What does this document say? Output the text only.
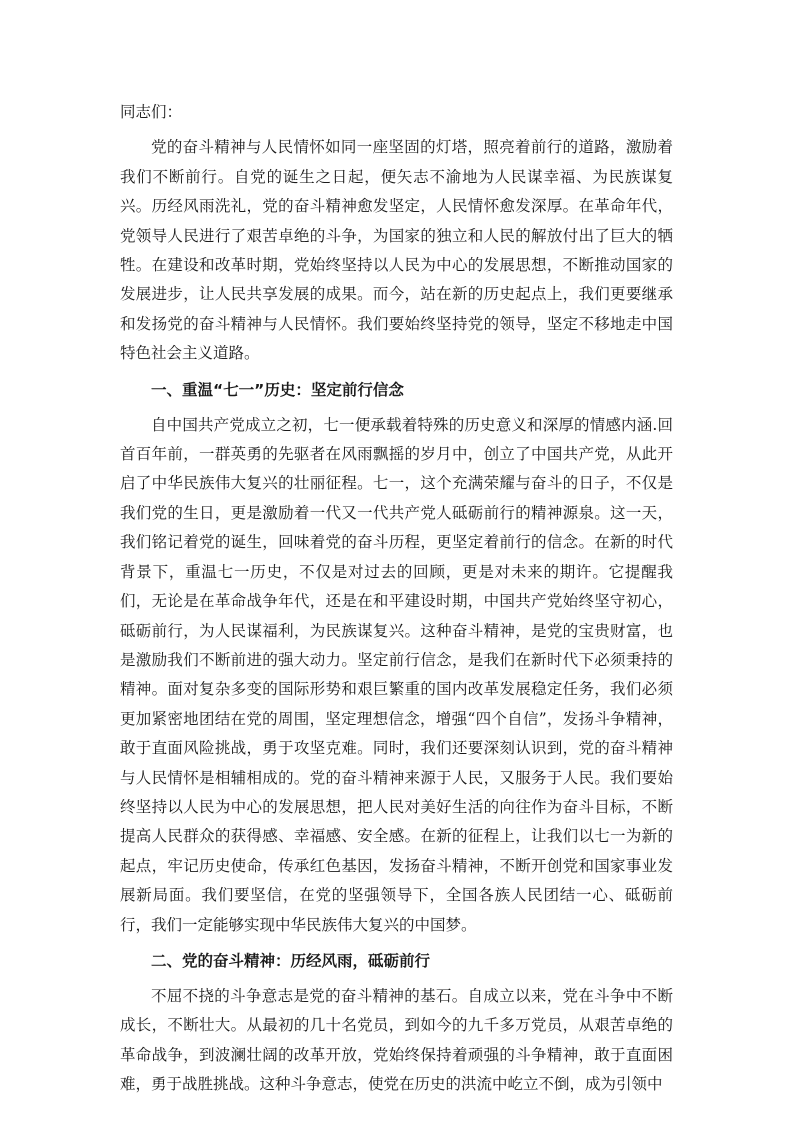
同志们：

党的奋斗精神与人民情怀如同一座坚固的灯塔，照亮着前行的道路，激励着我们不断前行。自党的诞生之日起，便矢志不渝地为人民谋幸福、为民族谋复兴。历经风雨洗礼，党的奋斗精神愈发坚定，人民情怀愈发深厚。在革命年代，党领导人民进行了艰苦卓绝的斗争，为国家的独立和人民的解放付出了巨大的牺牲。在建设和改革时期，党始终坚持以人民为中心的发展思想，不断推动国家的发展进步，让人民共享发展的成果。而今，站在新的历史起点上，我们更要继承和发扬党的奋斗精神与人民情怀。我们要始终坚持党的领导，坚定不移地走中国特色社会主义道路。

一、重温“七一”历史：坚定前行信念

自中国共产党成立之初，七一便承载着特殊的历史意义和深厚的情感内涵.回首百年前，一群英勇的先驱者在风雨飘摇的岁月中，创立了中国共产党，从此开启了中华民族伟大复兴的壮丽征程。七一，这个充满荣耀与奋斗的日子，不仅是我们党的生日，更是激励着一代又一代共产党人砥砺前行的精神源泉。这一天，我们铭记着党的诞生，回味着党的奋斗历程，更坚定着前行的信念。在新的时代背景下，重温七一历史，不仅是对过去的回顾，更是对未来的期许。它提醒我们，无论是在革命战争年代，还是在和平建设时期，中国共产党始终坚守初心，砥砺前行，为人民谋福利，为民族谋复兴。这种奋斗精神，是党的宝贵财富，也是激励我们不断前进的强大动力。坚定前行信念，是我们在新时代下必须秉持的精神。面对复杂多变的国际形势和艰巨繁重的国内改革发展稳定任务，我们必须更加紧密地团结在党的周围，坚定理想信念，增强“四个自信”，发扬斗争精神，敢于直面风险挑战，勇于攻坚克难。同时，我们还要深刻认识到，党的奋斗精神与人民情怀是相辅相成的。党的奋斗精神来源于人民，又服务于人民。我们要始终坚持以人民为中心的发展思想，把人民对美好生活的向往作为奋斗目标，不断提高人民群众的获得感、幸福感、安全感。在新的征程上，让我们以七一为新的起点，牢记历史使命，传承红色基因，发扬奋斗精神，不断开创党和国家事业发展新局面。我们要坚信，在党的坚强领导下，全国各族人民团结一心、砥砺前行，我们一定能够实现中华民族伟大复兴的中国梦。

二、党的奋斗精神：历经风雨，砥砺前行

不屈不挠的斗争意志是党的奋斗精神的基石。自成立以来，党在斗争中不断成长，不断壮大。从最初的几十名党员，到如今的九千多万党员，从艰苦卓绝的革命战争，到波澜壮阔的改革开放，党始终保持着顽强的斗争精神，敢于直面困难，勇于战胜挑战。这种斗争意志，使党在历史的洪流中屹立不倒，成为引领中
